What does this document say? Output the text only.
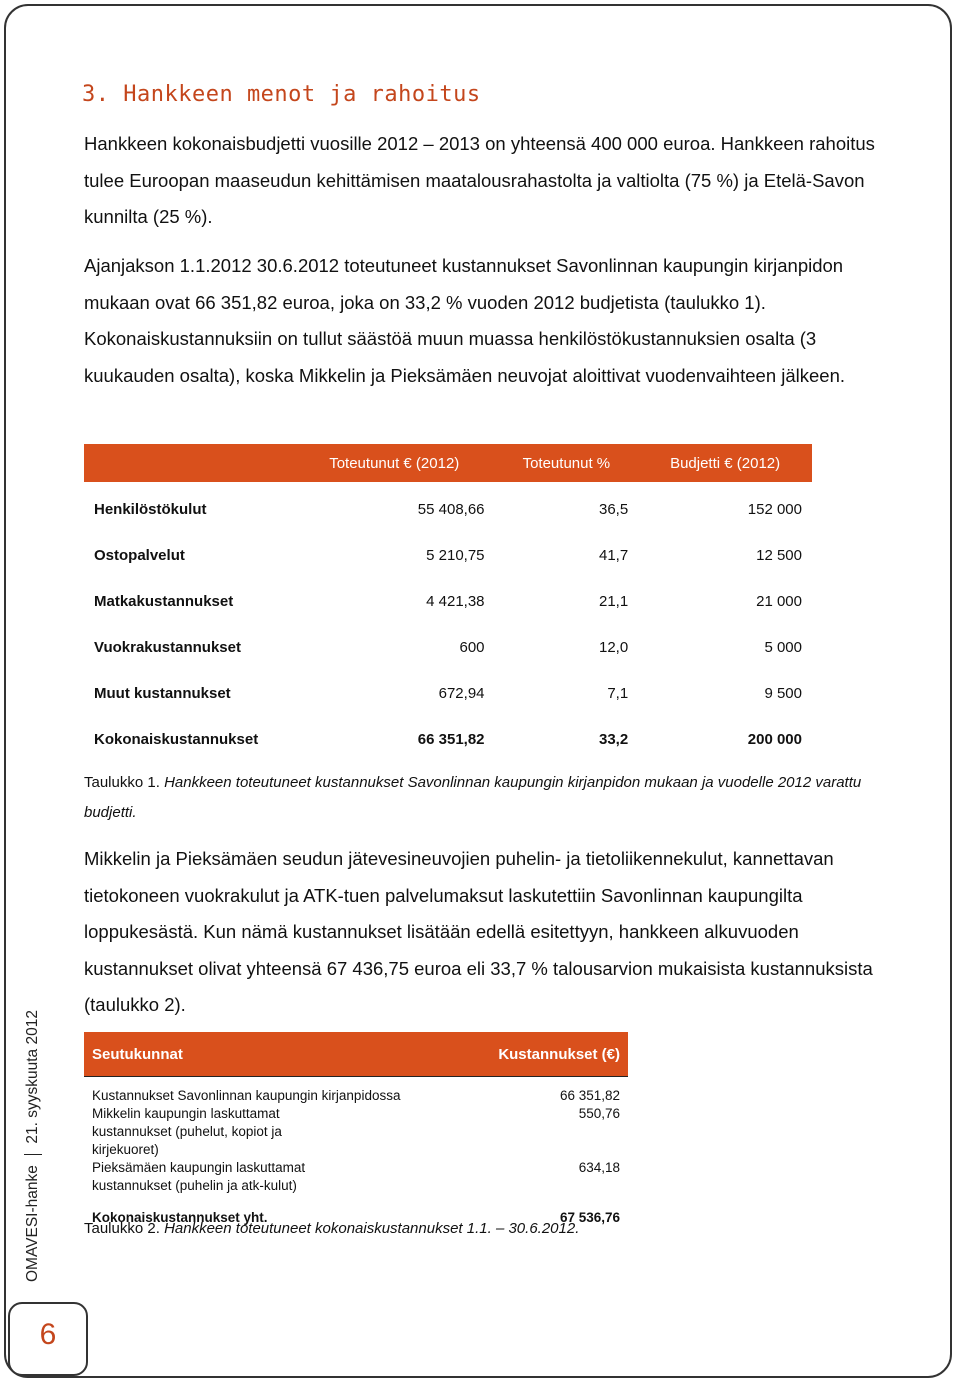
3. Hankkeen menot ja rahoitus
Hankkeen kokonaisbudjetti vuosille 2012 – 2013 on yhteensä 400 000 euroa. Hankkeen rahoitus tulee Euroopan maaseudun kehittämisen maatalousrahastolta ja valtiolta (75 %) ja Etelä-Savon kunnilta (25 %).
Ajanjakson 1.1.2012 30.6.2012 toteutuneet kustannukset Savonlinnan kaupungin kirjanpidon mukaan ovat 66 351,82 euroa, joka on 33,2 % vuoden 2012 budjetista (taulukko 1). Kokonaiskustannuksiin on tullut säästöä muun muassa henkilöstökustannuksien osalta (3 kuukauden osalta), koska Mikkelin ja Pieksämäen neuvojat aloittivat vuodenvaihteen jälkeen.
	Toteutunut € (2012)	Toteutunut %	Budjetti € (2012)
Henkilöstökulut	55 408,66	36,5	152 000
Ostopalvelut	5 210,75	41,7	12 500
Matkakustannukset	4 421,38	21,1	21 000
Vuokrakustannukset	600	12,0	5 000
Muut kustannukset	672,94	7,1	9 500
Kokonaiskustannukset	66 351,82	33,2	200 000
Taulukko 1. Hankkeen toteutuneet kustannukset Savonlinnan kaupungin kirjanpidon mukaan ja vuodelle 2012 varattu budjetti.
Mikkelin ja Pieksämäen seudun jätevesineuvojien puhelin- ja tietoliikennekulut, kannettavan tietokoneen vuokrakulut ja ATK-tuen palvelumaksut laskutettiin Savonlinnan kaupungilta loppukesästä. Kun nämä kustannukset lisätään edellä esitettyyn, hankkeen alkuvuoden kustannukset olivat yhteensä 67 436,75 euroa eli 33,7 % talousarvion mukaisista kustannuksista (taulukko 2).
Seutukunnat	Kustannukset (€)
Kustannukset Savonlinnan kaupungin kirjanpidossa	66 351,82
Mikkelin kaupungin laskuttamat kustannukset (puhelut, kopiot ja kirjekuoret)	550,76
Pieksämäen kaupungin laskuttamat kustannukset (puhelin ja atk-kulut)	634,18
Kokonaiskustannukset yht.	67 536,76
Taulukko 2. Hankkeen toteutuneet kokonaiskustannukset 1.1. – 30.6.2012.
OMAVESI-hanke21. syyskuuta 2012
6
